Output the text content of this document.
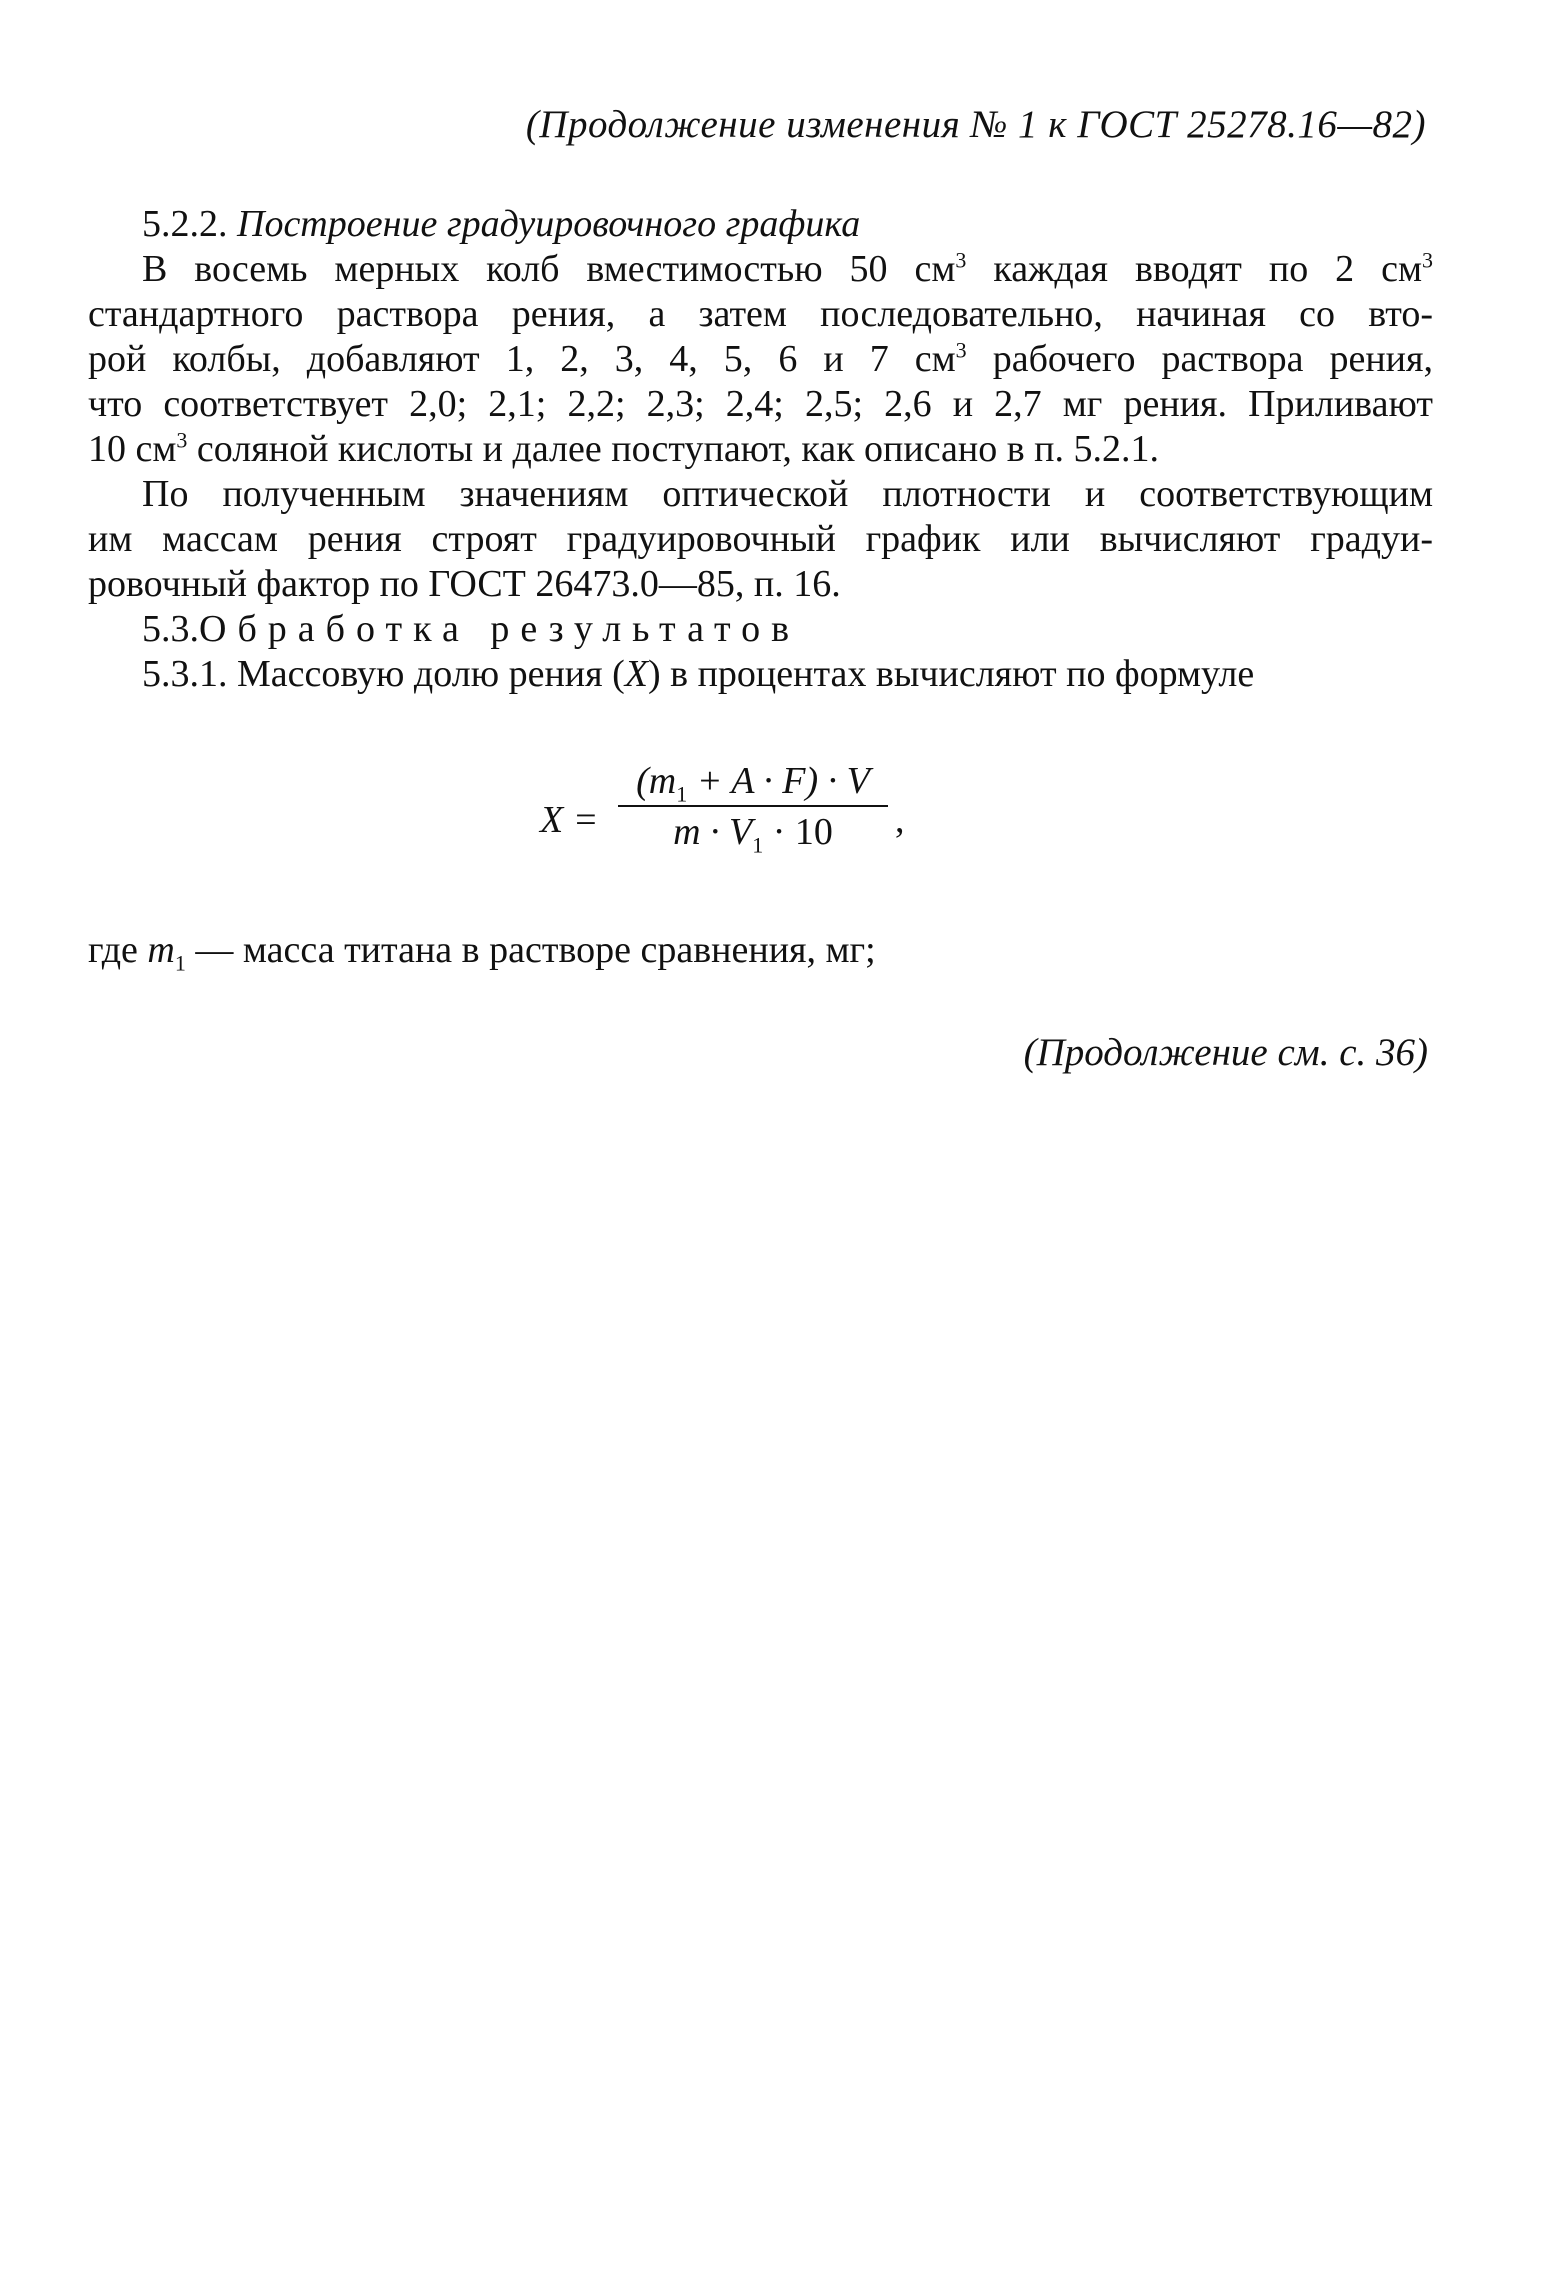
(Продолжение изменения № 1 к ГОСТ 25278.16—82)
5.2.2. Построение градуировочного графика
В восемь мерных колб вместимостью 50 $см^3$ каждая вводят по 2 $см^3$
стандартного раствора рения, а затем последовательно, начиная со вто-
рой колбы, добавляют 1, 2, 3, 4, 5, 6 и 7 $см^3$ рабочего раствора рения,
что соответствует 2,0; 2,1; 2,2; 2,3; 2,4; 2,5; 2,6 и 2,7 мг рения. Приливают
10 $см^3$ соляной кислоты и далее поступают, как описано в п. 5.2.1.
По полученным значениям оптической плотности и соответствующим
им массам рения строят градуировочный график или вычисляют градуи-
ровочный фактор по ГОСТ 26473.0—85, п. 16.
5.3.Обработка результатов
5.3.1. Массовую долю рения (X) в процентах вычисляют по формуле
X =
$(m_1 + A \cdot F) \cdot V$
$m \cdot V_1 \cdot 10$	,
где $m_1$ — масса титана в растворе сравнения, мг;
(Продолжение см. с. 36)
